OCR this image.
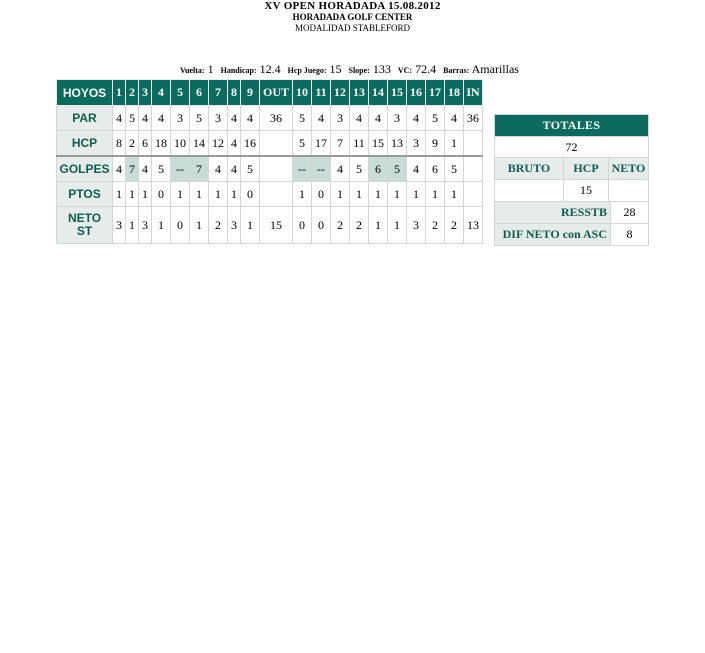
XV OPEN HORADADA 15.08.2012
HORADADA GOLF CENTER
MODALIDAD STABLEFORD
Vuelta: 1 Handicap: 12.4 Hcp Juego: 15 Slope: 133 VC: 72.4 Barras: Amarillas
HOYOS	1	2	3	4	5	6	7	8	9	OUT	10	11	12	13	14	15	16	17	18	IN
PAR	4	5	4	4	3	5	3	4	4	36	5	4	3	4	4	3	4	5	4	36
HCP	8	2	6	18	10	14	12	4	16		5	17	7	11	15	13	3	9	1	
GOLPES	4	7	4	5	--	7	4	4	5		--	--	4	5	6	5	4	6	5	
PTOS	1	1	1	0	1	1	1	1	0		1	0	1	1	1	1	1	1	1	
NETO
ST	3	1	3	1	0	1	2	3	1	15	0	0	2	2	1	1	3	2	2	13
TOTALES
72
BRUTO	HCP	NETO
	15	
RESSTB	28
DIF NETO con ASC	8
